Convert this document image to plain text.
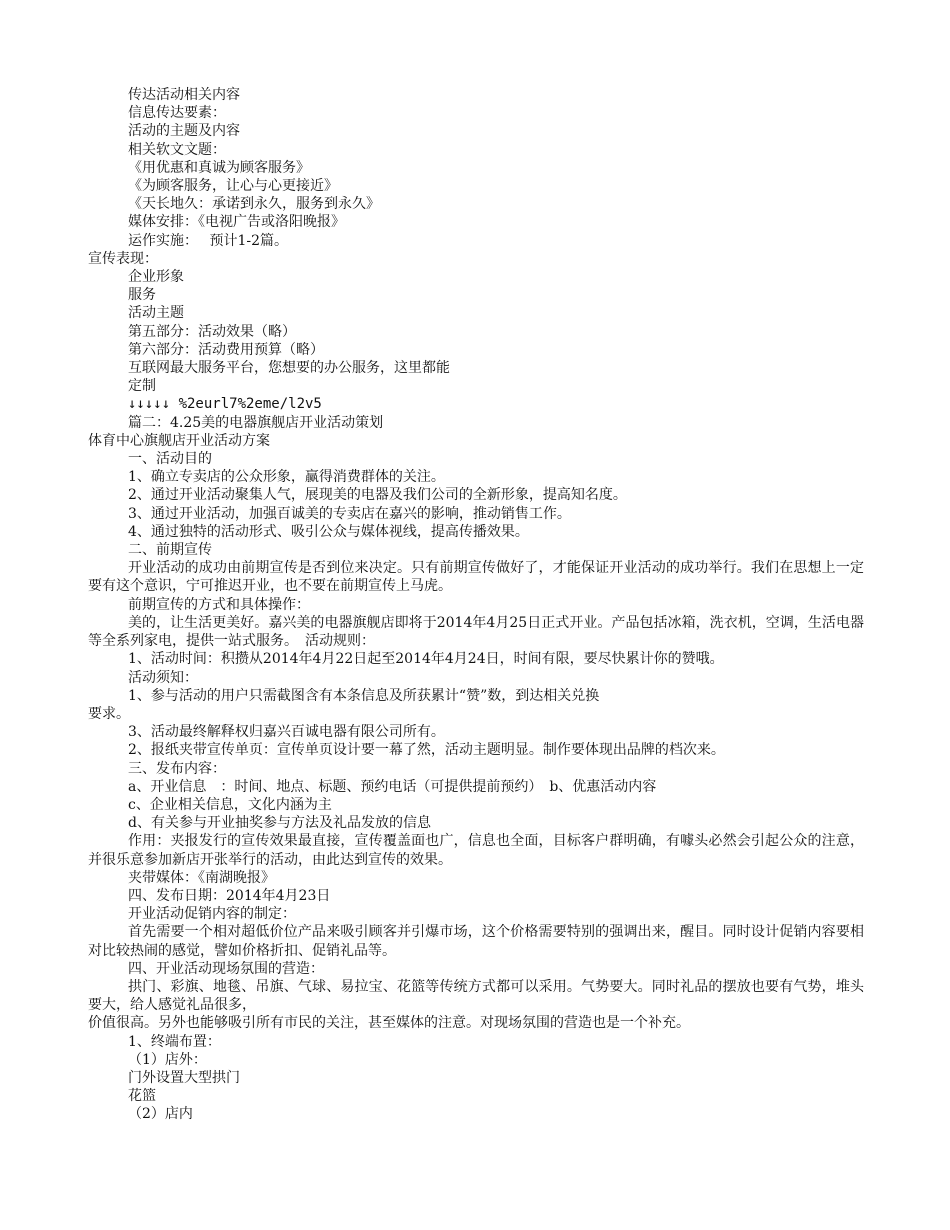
传达活动相关内容
信息传达要素：
活动的主题及内容
相关软文文题：
《用优惠和真诚为顾客服务》
《为顾客服务，让心与心更接近》
《天长地久：承诺到永久，服务到永久》
媒体安排：《电视广告或洛阳晚报》
运作实施：　 预计1-2篇。
宣传表现：
企业形象
服务
活动主题
第五部分：活动效果（略）
第六部分：活动费用预算（略）
互联网最大服务平台，您想要的办公服务，这里都能
定制
↓↓↓↓↓ %2eurl7%2eme/l2v5
篇二：4.25美的电器旗舰店开业活动策划
体育中心旗舰店开业活动方案
一、活动目的
1、确立专卖店的公众形象，赢得消费群体的关注。
2、通过开业活动聚集人气，展现美的电器及我们公司的全新形象，提高知名度。
3、通过开业活动，加强百诚美的专卖店在嘉兴的影响，推动销售工作。
4、通过独特的活动形式、吸引公众与媒体视线，提高传播效果。
二、前期宣传
开业活动的成功由前期宣传是否到位来决定。只有前期宣传做好了，才能保证开业活动的成功举行。我们在思想上一定要有这个意识，宁可推迟开业，也不要在前期宣传上马虎。
前期宣传的方式和具体操作：
美的，让生活更美好。嘉兴美的电器旗舰店即将于2014年4月25日正式开业。产品包括冰箱，洗衣机，空调，生活电器等全系列家电，提供一站式服务。　活动规则：
1、活动时间：积攒从2014年4月22日起至2014年4月24日，时间有限，要尽快累计你的赞哦。
活动须知：
1、参与活动的用户只需截图含有本条信息及所获累计“赞”数，到达相关兑换
要求。
3、活动最终解释权归嘉兴百诚电器有限公司所有。
2、报纸夹带宣传单页：宣传单页设计要一幕了然，活动主题明显。制作要体现出品牌的档次来。
三、发布内容：
a、开业信息　：时间、地点、标题、预约电话（可提供提前预约）　b、优惠活动内容
c、企业相关信息，文化内涵为主
d、有关参与开业抽奖参与方法及礼品发放的信息
作用：夹报发行的宣传效果最直接，宣传覆盖面也广，信息也全面，目标客户群明确，有噱头必然会引起公众的注意，并很乐意参加新店开张举行的活动，由此达到宣传的效果。
夹带媒体：《南湖晚报》
四、发布日期：2014年4月23日
开业活动促销内容的制定：
首先需要一个相对超低价位产品来吸引顾客并引爆市场，这个价格需要特别的强调出来，醒目。同时设计促销内容要相对比较热闹的感觉，譬如价格折扣、促销礼品等。
四、开业活动现场氛围的营造：
拱门、彩旗、地毯、吊旗、气球、易拉宝、花篮等传统方式都可以采用。气势要大。同时礼品的摆放也要有气势，堆头要大，给人感觉礼品很多，
价值很高。另外也能够吸引所有市民的关注，甚至媒体的注意。对现场氛围的营造也是一个补充。
1、终端布置：
（1）店外：
门外设置大型拱门
花篮
（2）店内
